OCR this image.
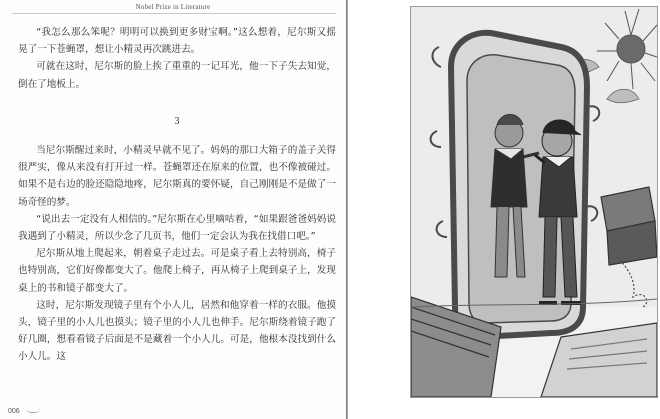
Nobel Prize in Literature

“我怎么那么笨呢？明明可以换到更多财宝啊。”这么想着，尼尔斯又摇晃了一下苍蝇罩，想让小精灵再次跳进去。

可就在这时，尼尔斯的脸上挨了重重的一记耳光，他一下子失去知觉，倒在了地板上。

3

当尼尔斯醒过来时，小精灵早就不见了。妈妈的那口大箱子的盖子关得很严实，像从来没有打开过一样。苍蝇罩还在原来的位置，也不像被碰过。如果不是右边的脸还隐隐地疼，尼尔斯真的要怀疑，自己刚刚是不是做了一场奇怪的梦。

“说出去一定没有人相信的。”尼尔斯在心里嘀咕着，“如果跟爸爸妈妈说我遇到了小精灵，所以少念了几页书，他们一定会认为我在找借口吧。”

尼尔斯从地上爬起来，朝着桌子走过去。可是桌子看上去特别高，椅子也特别高，它们好像都变大了。他爬上椅子，再从椅子上爬到桌子上，发现桌上的书和镜子都变大了。

这时，尼尔斯发现镜子里有个小人儿，居然和他穿着一样的衣服。他摸头，镜子里的小人儿也摸头；镜子里的小人儿也伸手。尼尔斯绕着镜子跑了好几圈，想看看镜子后面是不是藏着一个小人儿。可是，他根本没找到什么小人儿。这

006
